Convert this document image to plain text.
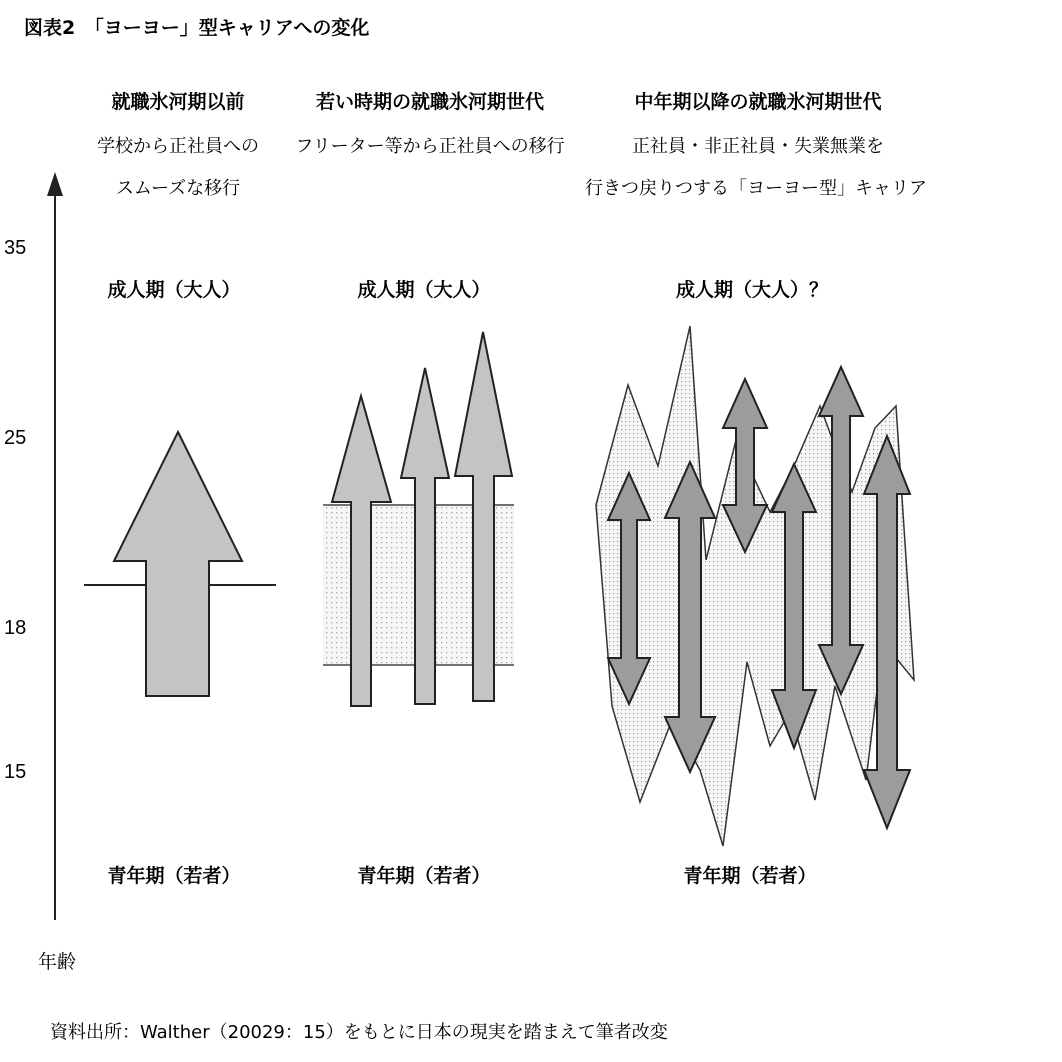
図表2　「ヨーヨー」型キャリアへの変化
35
25
18
15
年齢
就職氷河期以前
学校から正社員への
スムーズな移行
成人期（大人）
青年期（若者）
若い時期の就職氷河期世代
フリーター等から正社員への移行
成人期（大人）
青年期（若者）
中年期以降の就職氷河期世代
正社員・非正社員・失業無業を
行きつ戻りつする「ヨーヨー型」キャリア
成人期（大人）？
青年期（若者）
資料出所：Walther（20029：15）をもとに日本の現実を踏まえて筆者改変
